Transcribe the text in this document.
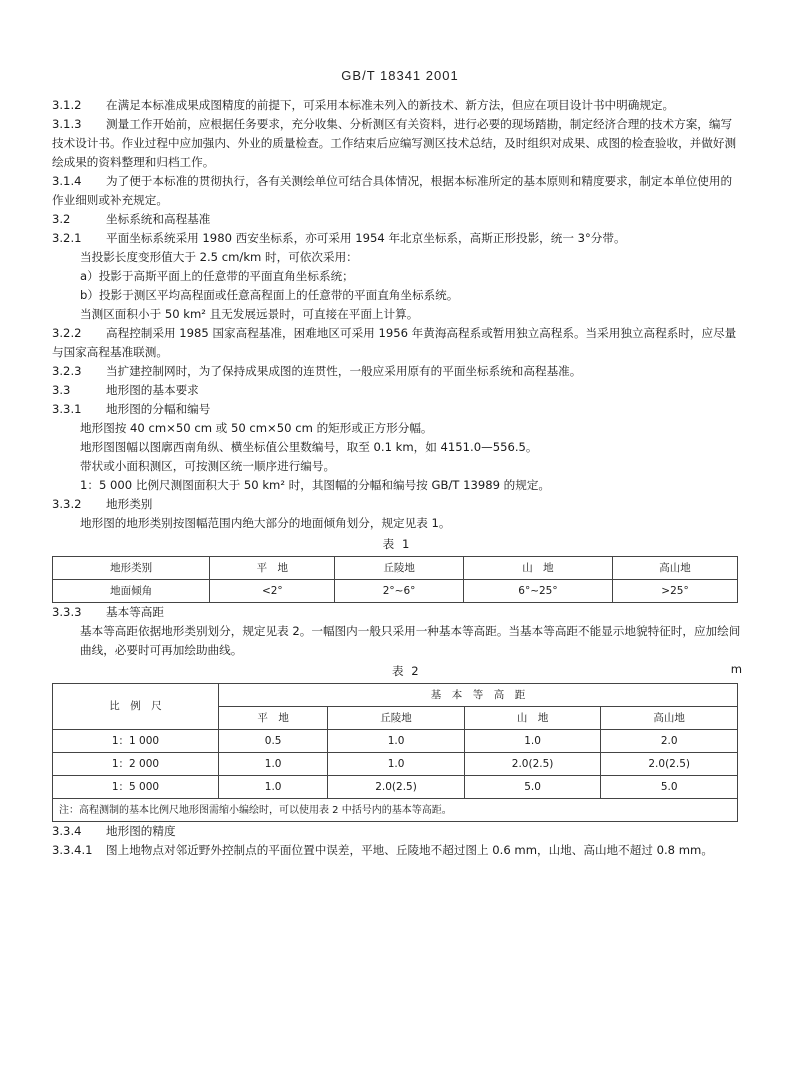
GB/T 18341 2001

3.1.2 在满足本标准成果成图精度的前提下，可采用本标准未列入的新技术、新方法，但应在项目设计书中明确规定。

3.1.3 测量工作开始前，应根据任务要求，充分收集、分析测区有关资料，进行必要的现场踏勘，制定经济合理的技术方案，编写技术设计书。作业过程中应加强内、外业的质量检查。工作结束后应编写测区技术总结，及时组织对成果、成图的检查验收，并做好测绘成果的资料整理和归档工作。

3.1.4 为了便于本标准的贯彻执行，各有关测绘单位可结合具体情况，根据本标准所定的基本原则和精度要求，制定本单位使用的作业细则或补充规定。

3.2	坐标系统和高程基准

3.2.1 平面坐标系统采用 1980 西安坐标系，亦可采用 1954 年北京坐标系，高斯正形投影，统一 3°分带。

当投影长度变形值大于 2.5 cm/km 时，可依次采用：

a）投影于高斯平面上的任意带的平面直角坐标系统；

b）投影于测区平均高程面或任意高程面上的任意带的平面直角坐标系统。

当测区面积小于 50 km² 且无发展远景时，可直接在平面上计算。

3.2.2 高程控制采用 1985 国家高程基准，困难地区可采用 1956 年黄海高程系或暂用独立高程系。当采用独立高程系时，应尽量与国家高程基准联测。

3.2.3 当扩建控制网时，为了保持成果成图的连贯性，一般应采用原有的平面坐标系统和高程基准。

3.3	地形图的基本要求

3.3.1 地形图的分幅和编号

地形图按 40 cm×50 cm 或 50 cm×50 cm 的矩形或正方形分幅。

地形图图幅以图廓西南角纵、横坐标值公里数编号，取至 0.1 km，如 4151.0—556.5。

带状或小面积测区，可按测区统一顺序进行编号。

1：5 000 比例尺测图面积大于 50 km² 时，其图幅的分幅和编号按 GB/T 13989 的规定。

3.3.2 地形类别

地形图的地形类别按图幅范围内绝大部分的地面倾角划分，规定见表 1。

表 1

地形类别	平　地	丘陵地	山　地	高山地
地面倾角	<2°	2°~6°	6°~25°	>25°

3.3.3 基本等高距

基本等高距依据地形类别划分，规定见表 2。一幅图内一般只采用一种基本等高距。当基本等高距不能显示地貌特征时，应加绘间曲线，必要时可再加绘助曲线。

表 2	m
比　例　尺	基　本　等　高　距			
	平　地	丘陵地	山　地	高山地
1：1 000	0.5	1.0	1.0	2.0
1：2 000	1.0	1.0	2.0(2.5)	2.0(2.5)
1：5 000	1.0	2.0(2.5)	5.0	5.0
注：高程测制的基本比例尺地形图需缩小编绘时，可以使用表 2 中括号内的基本等高距。				

3.3.4 地形图的精度

3.3.4.1 图上地物点对邻近野外控制点的平面位置中误差，平地、丘陵地不超过图上 0.6 mm，山地、高山地不超过 0.8 mm。
